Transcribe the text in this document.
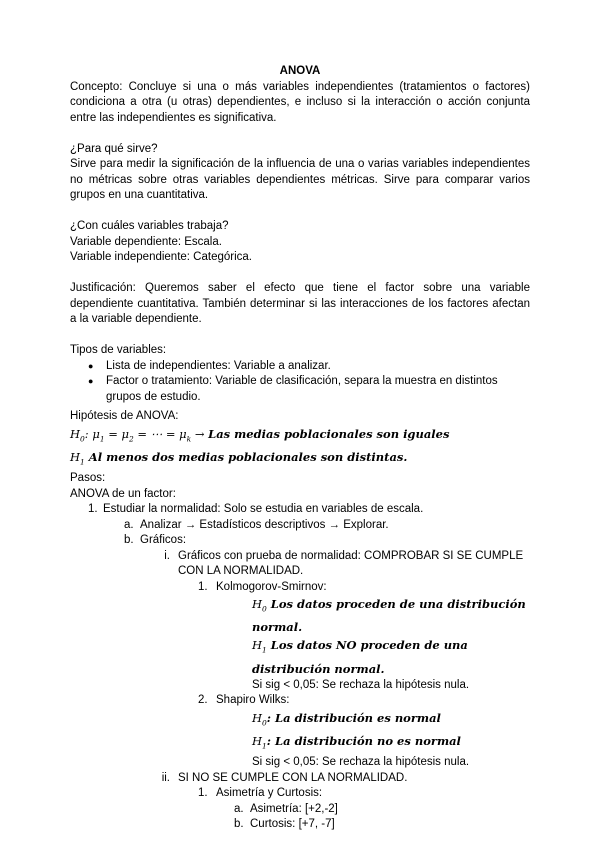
ANOVA

Concepto: Concluye si una o más variables independientes (tratamientos o factores) condiciona a otra (u otras) dependientes, e incluso si la interacción o acción conjunta entre las independientes es significativa.

¿Para qué sirve?

Sirve para medir la significación de la influencia de una o varias variables independientes no métricas sobre otras variables dependientes métricas. Sirve para comparar varios grupos en una cuantitativa.

¿Con cuáles variables trabaja?

Variable dependiente: Escala.

Variable independiente: Categórica.

Justificación: Queremos saber el efecto que tiene el factor sobre una variable dependiente cuantitativa. También determinar si las interacciones de los factores afectan a la variable dependiente.

Tipos de variables:

●	Lista de independientes: Variable a analizar.
●	Factor o tratamiento: Variable de clasificación, separa la muestra en distintos grupos de estudio.

Hipótesis de ANOVA:

$H_0$: $\mu_1 = \mu_2$ = ⋯ = $\mu_k$ → Las medias poblacionales son iguales

$H_1$ Al menos dos medias poblacionales son distintas.

Pasos:

ANOVA de un factor:

1. Estudiar la normalidad: Solo se estudia en variables de escala.
a. Analizar → Estadísticos descriptivos → Explorar.
b. Gráficos:
i. Gráficos con prueba de normalidad: COMPROBAR SI SE CUMPLE CON LA NORMALIDAD.
1. Kolmogorov-Smirnov:

$H_0$ Los datos proceden de una distribución normal.

$H_1$ Los datos NO proceden de una distribución normal.

Si sig < 0,05: Se rechaza la hipótesis nula.

2. Shapiro Wilks:

$H_0$: La distribución es normal

$H_1$: La distribución no es normal

Si sig < 0,05: Se rechaza la hipótesis nula.

ii. SI NO SE CUMPLE CON LA NORMALIDAD.
1. Asimetría y Curtosis:
a. Asimetría: [+2,-2]
b. Curtosis: [+7, -7]
